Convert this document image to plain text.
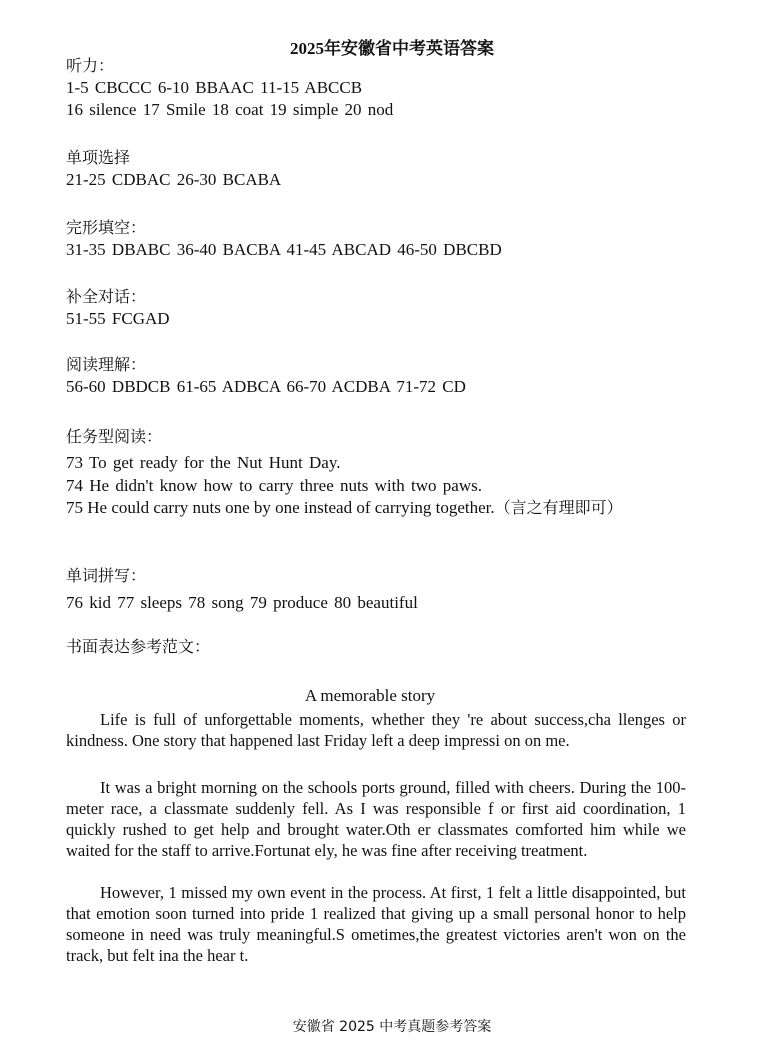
2025年安徽省中考英语答案
听力：
1-5 CBCCC 6-10 BBAAC 11-15 ABCCB
16 silence 17 Smile 18 coat 19 simple 20 nod
单项选择
21-25 CDBAC 26-30 BCABA
完形填空：
31-35 DBABC 36-40 BACBA 41-45 ABCAD 46-50 DBCBD
补全对话：
51-55 FCGAD
阅读理解：
56-60 DBDCB 61-65 ADBCA 66-70 ACDBA 71-72 CD
任务型阅读：
73 To get ready for the Nut Hunt Day.
74 He didn't know how to carry three nuts with two paws.
75 He could carry nuts one by one instead of carrying together.（言之有理即可）
单词拼写：
76 kid 77 sleeps 78 song 79 produce 80 beautiful
书面表达参考范文：
A memorable story

Life is full of unforgettable moments, whether they 're about success,cha llenges or kindness. One story that happened last Friday left a deep impressi on on me.

It was a bright morning on the schools ports ground, filled with cheers. During the 100-meter race, a classmate suddenly fell. As I was responsible f or first aid coordination, 1 quickly rushed to get help and brought water.Oth er classmates comforted him while we waited for the staff to arrive.Fortunat ely, he was fine after receiving treatment.

However, 1 missed my own event in the process. At first, 1 felt a little disappointed, but that emotion soon turned into pride 1 realized that giving up a small personal honor to help someone in need was truly meaningful.S ometimes,the greatest victories aren't won on the track, but felt ina the hear t.

安徽省 2025 中考真题参考答案
